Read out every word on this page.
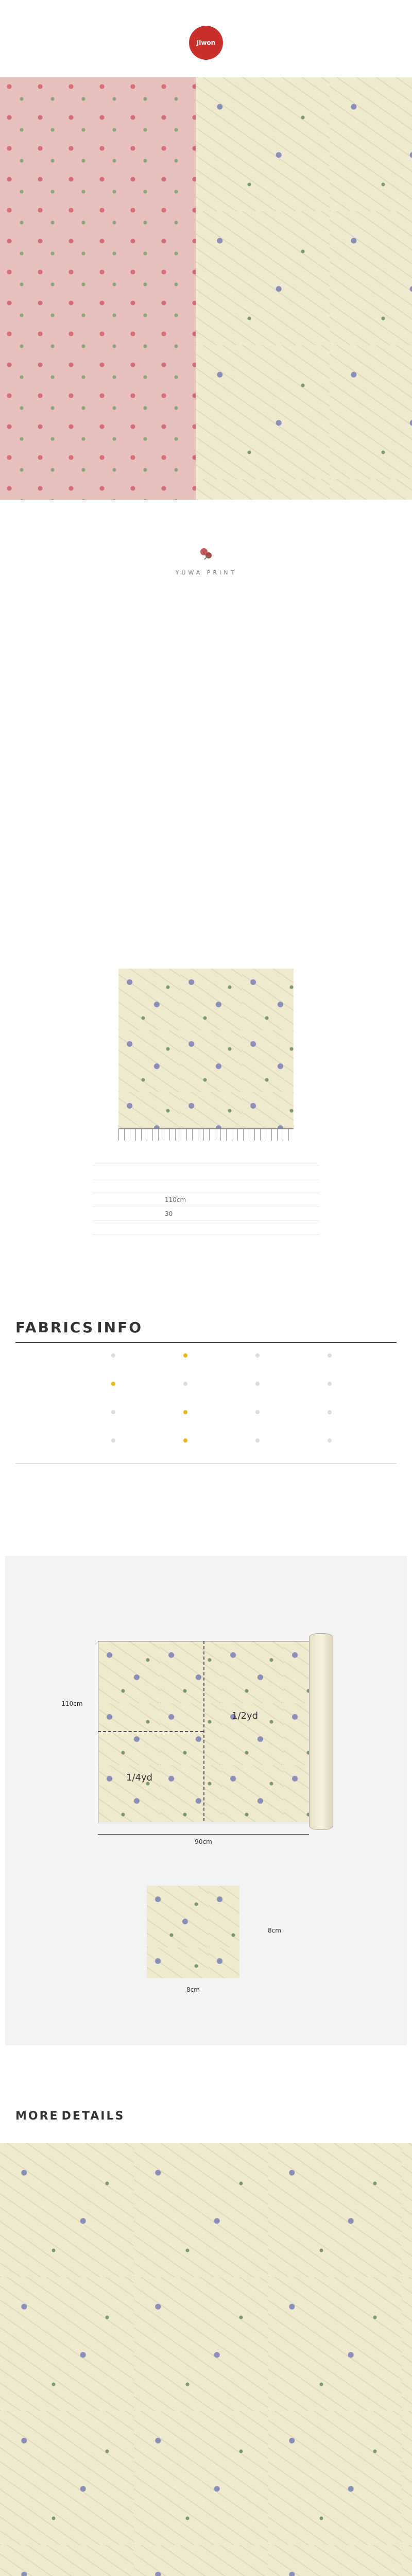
Jiwon
YUWA PRINT

110cm
30
FABRICS INFO
1/4yd
1/2yd
110cm
90cm
8cm
8cm
MORE DETAILS
